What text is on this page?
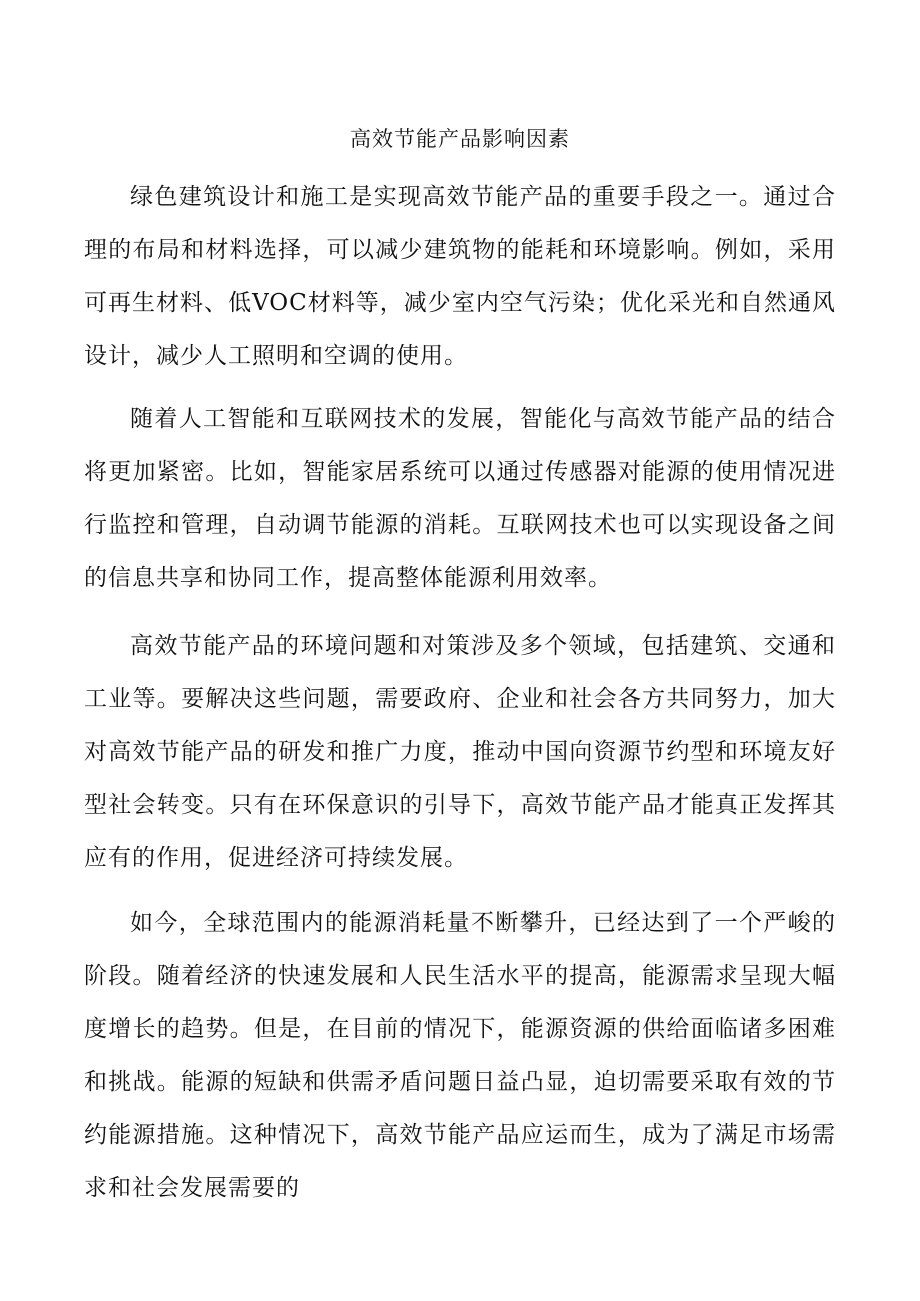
高效节能产品影响因素

绿色建筑设计和施工是实现高效节能产品的重要手段之一。通过合理的布局和材料选择，可以减少建筑物的能耗和环境影响。例如，采用可再生材料、低VOC材料等，减少室内空气污染；优化采光和自然通风设计，减少人工照明和空调的使用。

随着人工智能和互联网技术的发展，智能化与高效节能产品的结合将更加紧密。比如，智能家居系统可以通过传感器对能源的使用情况进行监控和管理，自动调节能源的消耗。互联网技术也可以实现设备之间的信息共享和协同工作，提高整体能源利用效率。

高效节能产品的环境问题和对策涉及多个领域，包括建筑、交通和工业等。要解决这些问题，需要政府、企业和社会各方共同努力，加大对高效节能产品的研发和推广力度，推动中国向资源节约型和环境友好型社会转变。只有在环保意识的引导下，高效节能产品才能真正发挥其应有的作用，促进经济可持续发展。

如今，全球范围内的能源消耗量不断攀升，已经达到了一个严峻的阶段。随着经济的快速发展和人民生活水平的提高，能源需求呈现大幅度增长的趋势。但是，在目前的情况下，能源资源的供给面临诸多困难和挑战。能源的短缺和供需矛盾问题日益凸显，迫切需要采取有效的节约能源措施。这种情况下，高效节能产品应运而生，成为了满足市场需求和社会发展需要的
